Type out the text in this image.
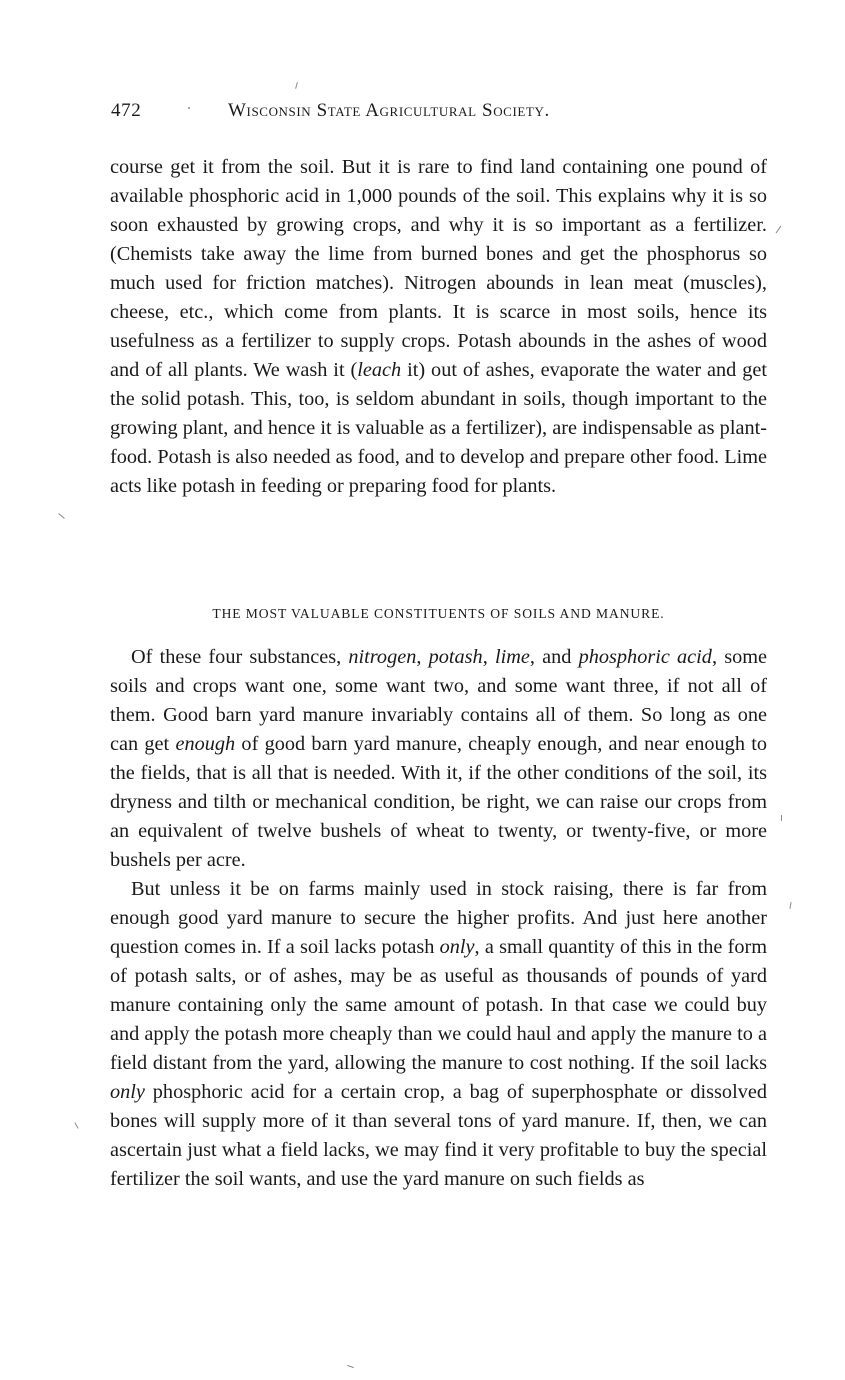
472	Wisconsin State Agricultural Society.

course get it from the soil. But it is rare to find land containing one pound of available phosphoric acid in 1,000 pounds of the soil. This explains why it is so soon exhausted by growing crops, and why it is so important as a fertilizer. (Chemists take away the lime from burned bones and get the phosphorus so much used for friction matches). Nitrogen abounds in lean meat (muscles), cheese, etc., which come from plants. It is scarce in most soils, hence its usefulness as a fertilizer to supply crops. Potash abounds in the ashes of wood and of all plants. We wash it (leach it) out of ashes, evaporate the water and get the solid potash. This, too, is seldom abundant in soils, though important to the growing plant, and hence it is valuable as a fertilizer), are indispensable as plant-food. Potash is also needed as food, and to develop and prepare other food. Lime acts like potash in feeding or preparing food for plants.

THE MOST VALUABLE CONSTITUENTS OF SOILS AND MANURE.

Of these four substances, nitrogen, potash, lime, and phosphoric acid, some soils and crops want one, some want two, and some want three, if not all of them. Good barn yard manure invariably contains all of them. So long as one can get enough of good barn yard manure, cheaply enough, and near enough to the fields, that is all that is needed. With it, if the other conditions of the soil, its dryness and tilth or mechanical condition, be right, we can raise our crops from an equivalent of twelve bushels of wheat to twenty, or twenty-five, or more bushels per acre.

But unless it be on farms mainly used in stock raising, there is far from enough good yard manure to secure the higher profits. And just here another question comes in. If a soil lacks potash only, a small quantity of this in the form of potash salts, or of ashes, may be as useful as thousands of pounds of yard manure containing only the same amount of potash. In that case we could buy and apply the potash more cheaply than we could haul and apply the manure to a field distant from the yard, allowing the manure to cost nothing. If the soil lacks only phosphoric acid for a certain crop, a bag of superphosphate or dissolved bones will supply more of it than several tons of yard manure. If, then, we can ascertain just what a field lacks, we may find it very profitable to buy the special fertilizer the soil wants, and use the yard manure on such fields as
